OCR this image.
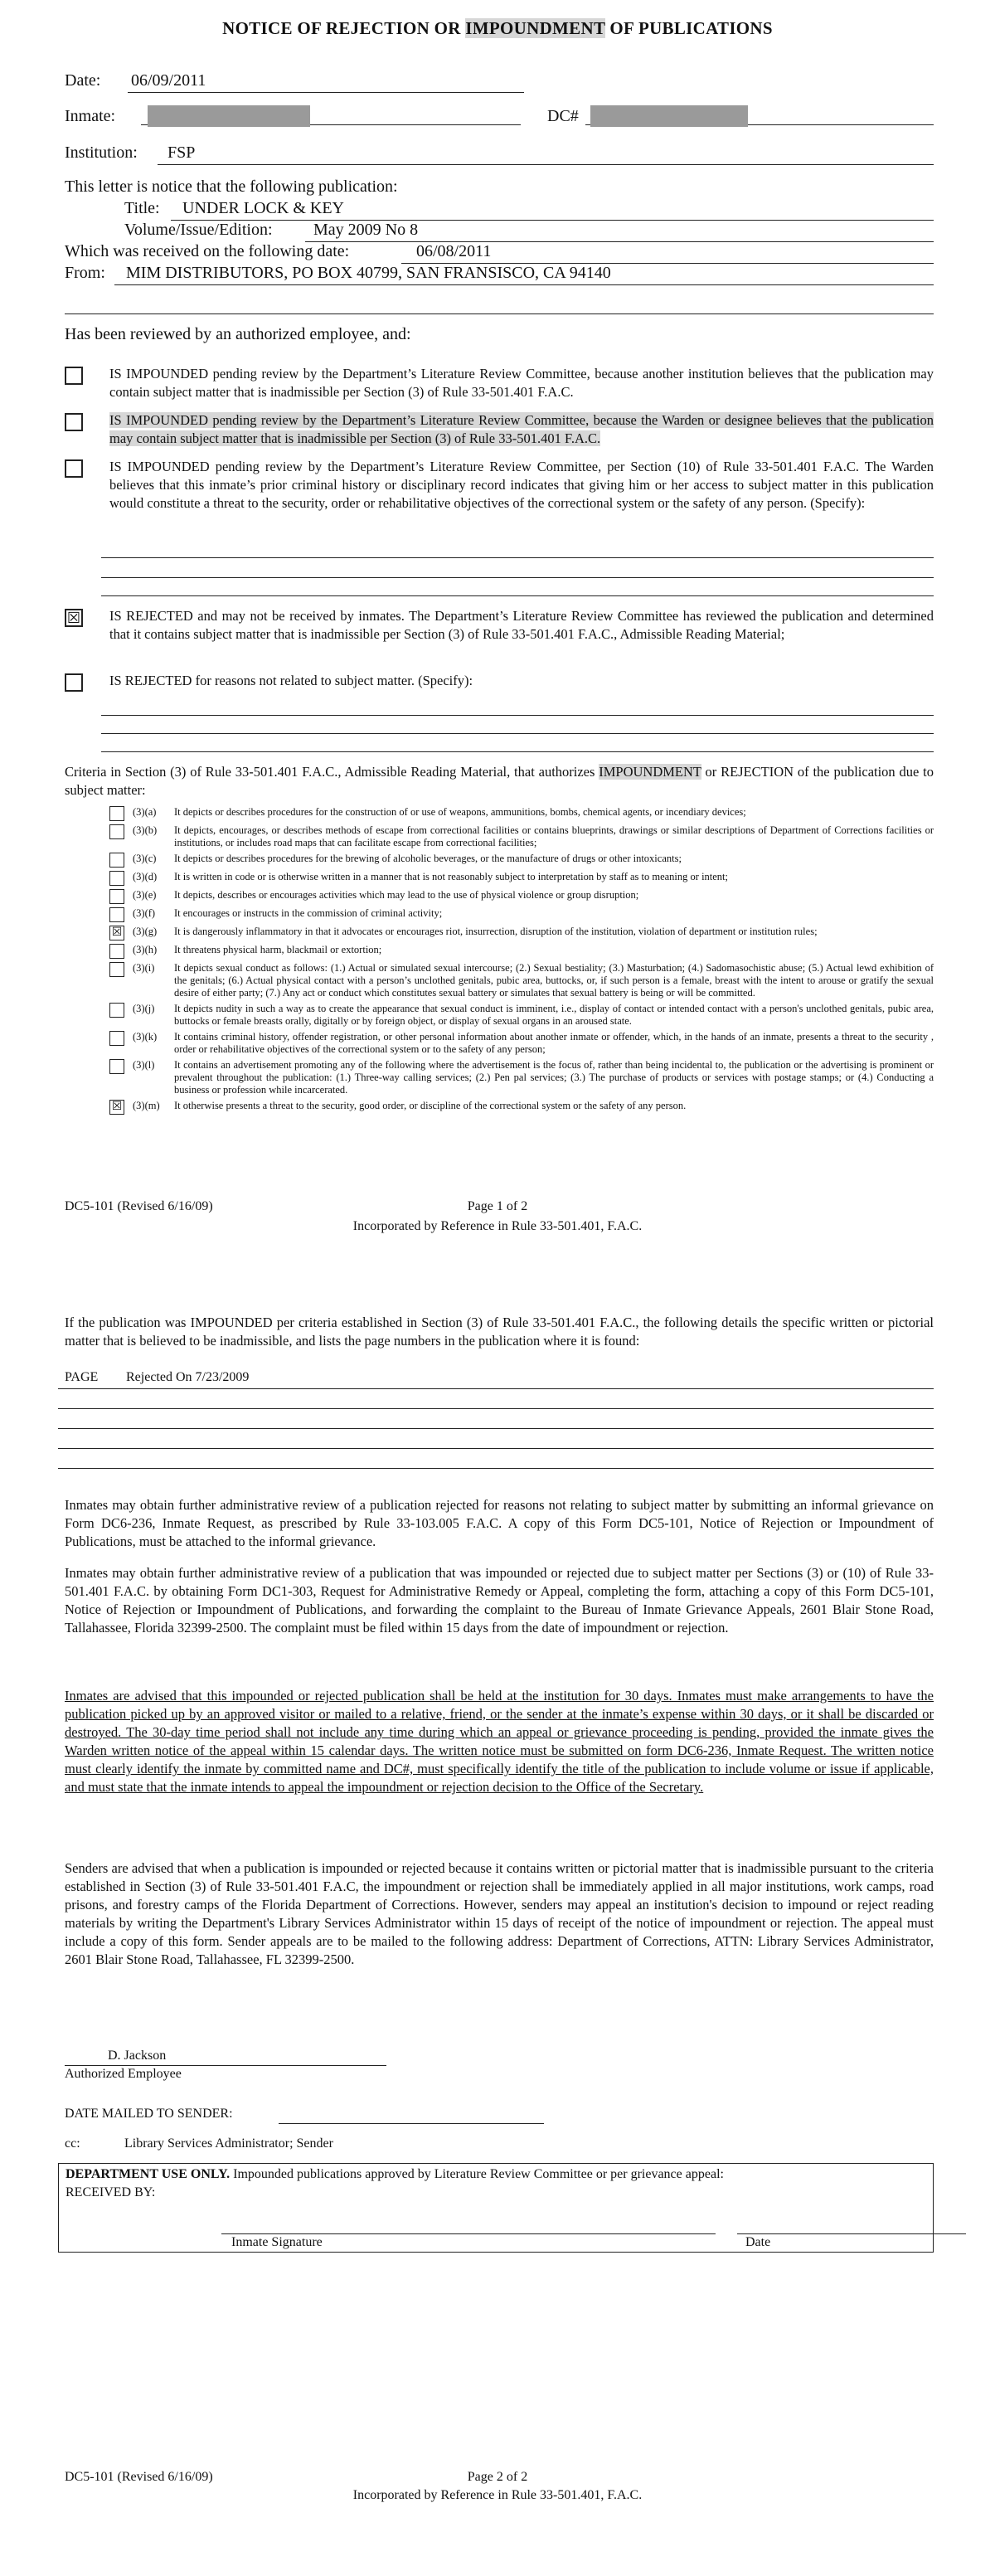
NOTICE OF REJECTION OR IMPOUNDMENT OF PUBLICATIONS
Date: 06/09/2011
Inmate:	DC#
Institution:	FSP
This letter is notice that the following publication:
Title:	UNDER LOCK & KEY
Volume/Issue/Edition:	May 2009 No 8
Which was received on the following date:	06/08/2011
From:	MIM DISTRIBUTORS, PO BOX 40799, SAN FRANSISCO, CA 94140
Has been reviewed by an authorized employee, and:
IS IMPOUNDED pending review by the Department’s Literature Review Committee, because another institution believes that the publication may contain subject matter that is inadmissible per Section (3) of Rule 33-501.401 F.A.C.
IS IMPOUNDED pending review by the Department’s Literature Review Committee, because the Warden or designee believes that the publication may contain subject matter that is inadmissible per Section (3) of Rule 33-501.401 F.A.C.
IS IMPOUNDED pending review by the Department’s Literature Review Committee, per Section (10) of Rule 33-501.401 F.A.C. The Warden believes that this inmate’s prior criminal history or disciplinary record indicates that giving him or her access to subject matter in this publication would constitute a threat to the security, order or rehabilitative objectives of the correctional system or the safety of any person. (Specify):
☒ IS REJECTED and may not be received by inmates. The Department’s Literature Review Committee has reviewed the publication and determined that it contains subject matter that is inadmissible per Section (3) of Rule 33-501.401 F.A.C., Admissible Reading Material;
IS REJECTED for reasons not related to subject matter. (Specify):
Criteria in Section (3) of Rule 33-501.401 F.A.C., Admissible Reading Material, that authorizes IMPOUNDMENT or REJECTION of the publication due to subject matter:
(3)(a)	It depicts or describes procedures for the construction of or use of weapons, ammunitions, bombs, chemical agents, or incendiary devices;
(3)(b)	It depicts, encourages, or describes methods of escape from correctional facilities or contains blueprints, drawings or similar descriptions of Department of Corrections facilities or institutions, or includes road maps that can facilitate escape from correctional facilities;
(3)(c)	It depicts or describes procedures for the brewing of alcoholic beverages, or the manufacture of drugs or other intoxicants;
(3)(d)	It is written in code or is otherwise written in a manner that is not reasonably subject to interpretation by staff as to meaning or intent;
(3)(e)	It depicts, describes or encourages activities which may lead to the use of physical violence or group disruption;
(3)(f)	It encourages or instructs in the commission of criminal activity;
☒ (3)(g)	It is dangerously inflammatory in that it advocates or encourages riot, insurrection, disruption of the institution, violation of department or institution rules;
(3)(h)	It threatens physical harm, blackmail or extortion;
(3)(i)	It depicts sexual conduct as follows: (1.) Actual or simulated sexual intercourse; (2.) Sexual bestiality; (3.) Masturbation; (4.) Sadomasochistic abuse; (5.) Actual lewd exhibition of the genitals; (6.) Actual physical contact with a person’s unclothed genitals, pubic area, buttocks, or, if such person is a female, breast with the intent to arouse or gratify the sexual desire of either party; (7.) Any act or conduct which constitutes sexual battery or simulates that sexual battery is being or will be committed.
(3)(j)	It depicts nudity in such a way as to create the appearance that sexual conduct is imminent, i.e., display of contact or intended contact with a person's unclothed genitals, pubic area, buttocks or female breasts orally, digitally or by foreign object, or display of sexual organs in an aroused state.
(3)(k)	It contains criminal history, offender registration, or other personal information about another inmate or offender, which, in the hands of an inmate, presents a threat to the security , order or rehabilitative objectives of the correctional system or to the safety of any person;
(3)(l)	It contains an advertisement promoting any of the following where the advertisement is the focus of, rather than being incidental to, the publication or the advertising is prominent or prevalent throughout the publication: (1.) Three-way calling services; (2.) Pen pal services; (3.) The purchase of products or services with postage stamps; or (4.) Conducting a business or profession while incarcerated.
☒ (3)(m)	It otherwise presents a threat to the security, good order, or discipline of the correctional system or the safety of any person.
DC5-101 (Revised 6/16/09)	Page 1 of 2
Incorporated by Reference in Rule 33-501.401, F.A.C.
If the publication was IMPOUNDED per criteria established in Section (3) of Rule 33-501.401 F.A.C., the following details the specific written or pictorial matter that is believed to be inadmissible, and lists the page numbers in the publication where it is found:
PAGE Rejected On 7/23/2009
Inmates may obtain further administrative review of a publication rejected for reasons not relating to subject matter by submitting an informal grievance on Form DC6-236, Inmate Request, as prescribed by Rule 33-103.005 F.A.C. A copy of this Form DC5-101, Notice of Rejection or Impoundment of Publications, must be attached to the informal grievance.
Inmates may obtain further administrative review of a publication that was impounded or rejected due to subject matter per Sections (3) or (10) of Rule 33-501.401 F.A.C. by obtaining Form DC1-303, Request for Administrative Remedy or Appeal, completing the form, attaching a copy of this Form DC5-101, Notice of Rejection or Impoundment of Publications, and forwarding the complaint to the Bureau of Inmate Grievance Appeals, 2601 Blair Stone Road, Tallahassee, Florida 32399-2500. The complaint must be filed within 15 days from the date of impoundment or rejection.
Inmates are advised that this impounded or rejected publication shall be held at the institution for 30 days. Inmates must make arrangements to have the publication picked up by an approved visitor or mailed to a relative, friend, or the sender at the inmate’s expense within 30 days, or it shall be discarded or destroyed. The 30-day time period shall not include any time during which an appeal or grievance proceeding is pending, provided the inmate gives the Warden written notice of the appeal within 15 calendar days. The written notice must be submitted on form DC6-236, Inmate Request. The written notice must clearly identify the inmate by committed name and DC#, must specifically identify the title of the publication to include volume or issue if applicable, and must state that the inmate intends to appeal the impoundment or rejection decision to the Office of the Secretary.
Senders are advised that when a publication is impounded or rejected because it contains written or pictorial matter that is inadmissible pursuant to the criteria established in Section (3) of Rule 33-501.401 F.A.C, the impoundment or rejection shall be immediately applied in all major institutions, work camps, road prisons, and forestry camps of the Florida Department of Corrections. However, senders may appeal an institution's decision to impound or reject reading materials by writing the Department's Library Services Administrator within 15 days of receipt of the notice of impoundment or rejection. The appeal must include a copy of this form. Sender appeals are to be mailed to the following address: Department of Corrections, ATTN: Library Services Administrator, 2601 Blair Stone Road, Tallahassee, FL 32399-2500.
D. Jackson
Authorized Employee
DATE MAILED TO SENDER:
cc:	Library Services Administrator; Sender
DEPARTMENT USE ONLY. Impounded publications approved by Literature Review Committee or per grievance appeal:
RECEIVED BY:
Inmate Signature	Date
DC5-101 (Revised 6/16/09)	Page 2 of 2
Incorporated by Reference in Rule 33-501.401, F.A.C.
